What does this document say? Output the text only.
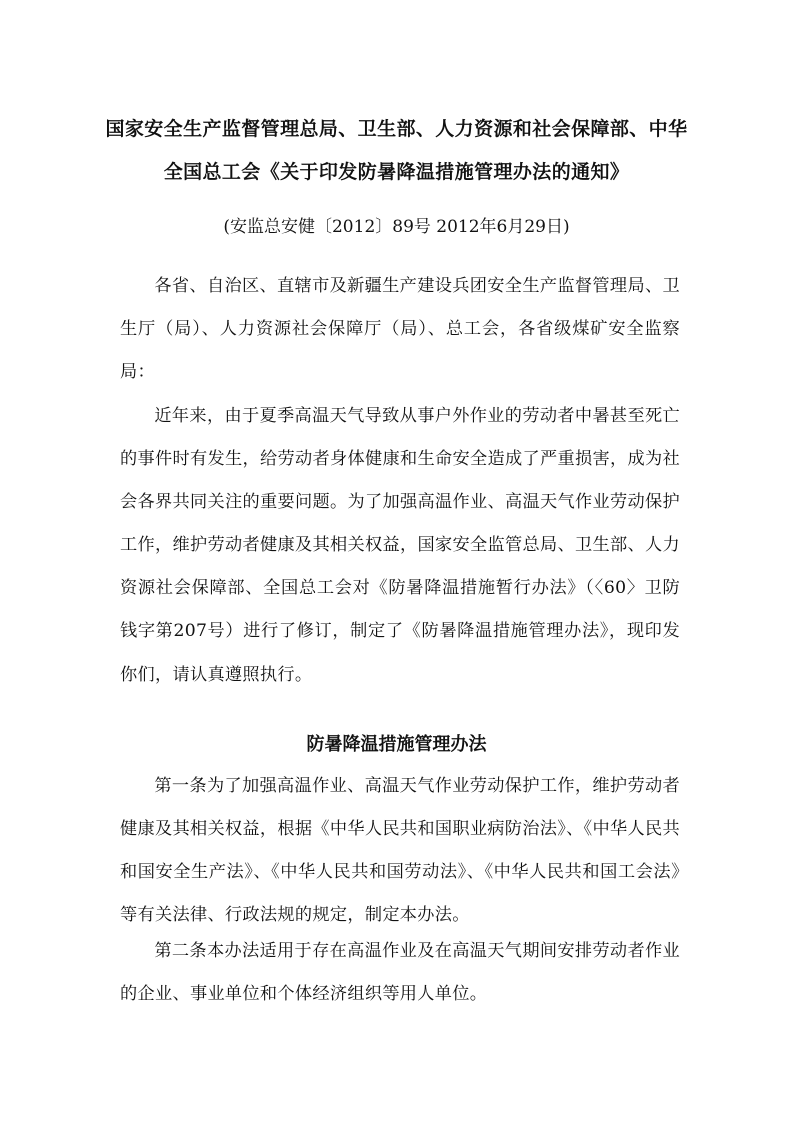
国家安全生产监督管理总局、卫生部、人力资源和社会保障部、中华
全国总工会《关于印发防暑降温措施管理办法的通知》
(安监总安健〔2012〕89号 2012年6月29日)

各省、自治区、直辖市及新疆生产建设兵团安全生产监督管理局、卫生厅（局）、人力资源社会保障厅（局）、总工会，各省级煤矿安全监察局：

近年来，由于夏季高温天气导致从事户外作业的劳动者中暑甚至死亡的事件时有发生，给劳动者身体健康和生命安全造成了严重损害，成为社会各界共同关注的重要问题。为了加强高温作业、高温天气作业劳动保护工作，维护劳动者健康及其相关权益，国家安全监管总局、卫生部、人力资源社会保障部、全国总工会对《防暑降温措施暂行办法》（〈60〉卫防钱字第207号）进行了修订，制定了《防暑降温措施管理办法》，现印发你们，请认真遵照执行。

防暑降温措施管理办法

第一条为了加强高温作业、高温天气作业劳动保护工作，维护劳动者健康及其相关权益，根据《中华人民共和国职业病防治法》、《中华人民共和国安全生产法》、《中华人民共和国劳动法》、《中华人民共和国工会法》等有关法律、行政法规的规定，制定本办法。

第二条本办法适用于存在高温作业及在高温天气期间安排劳动者作业的企业、事业单位和个体经济组织等用人单位。
